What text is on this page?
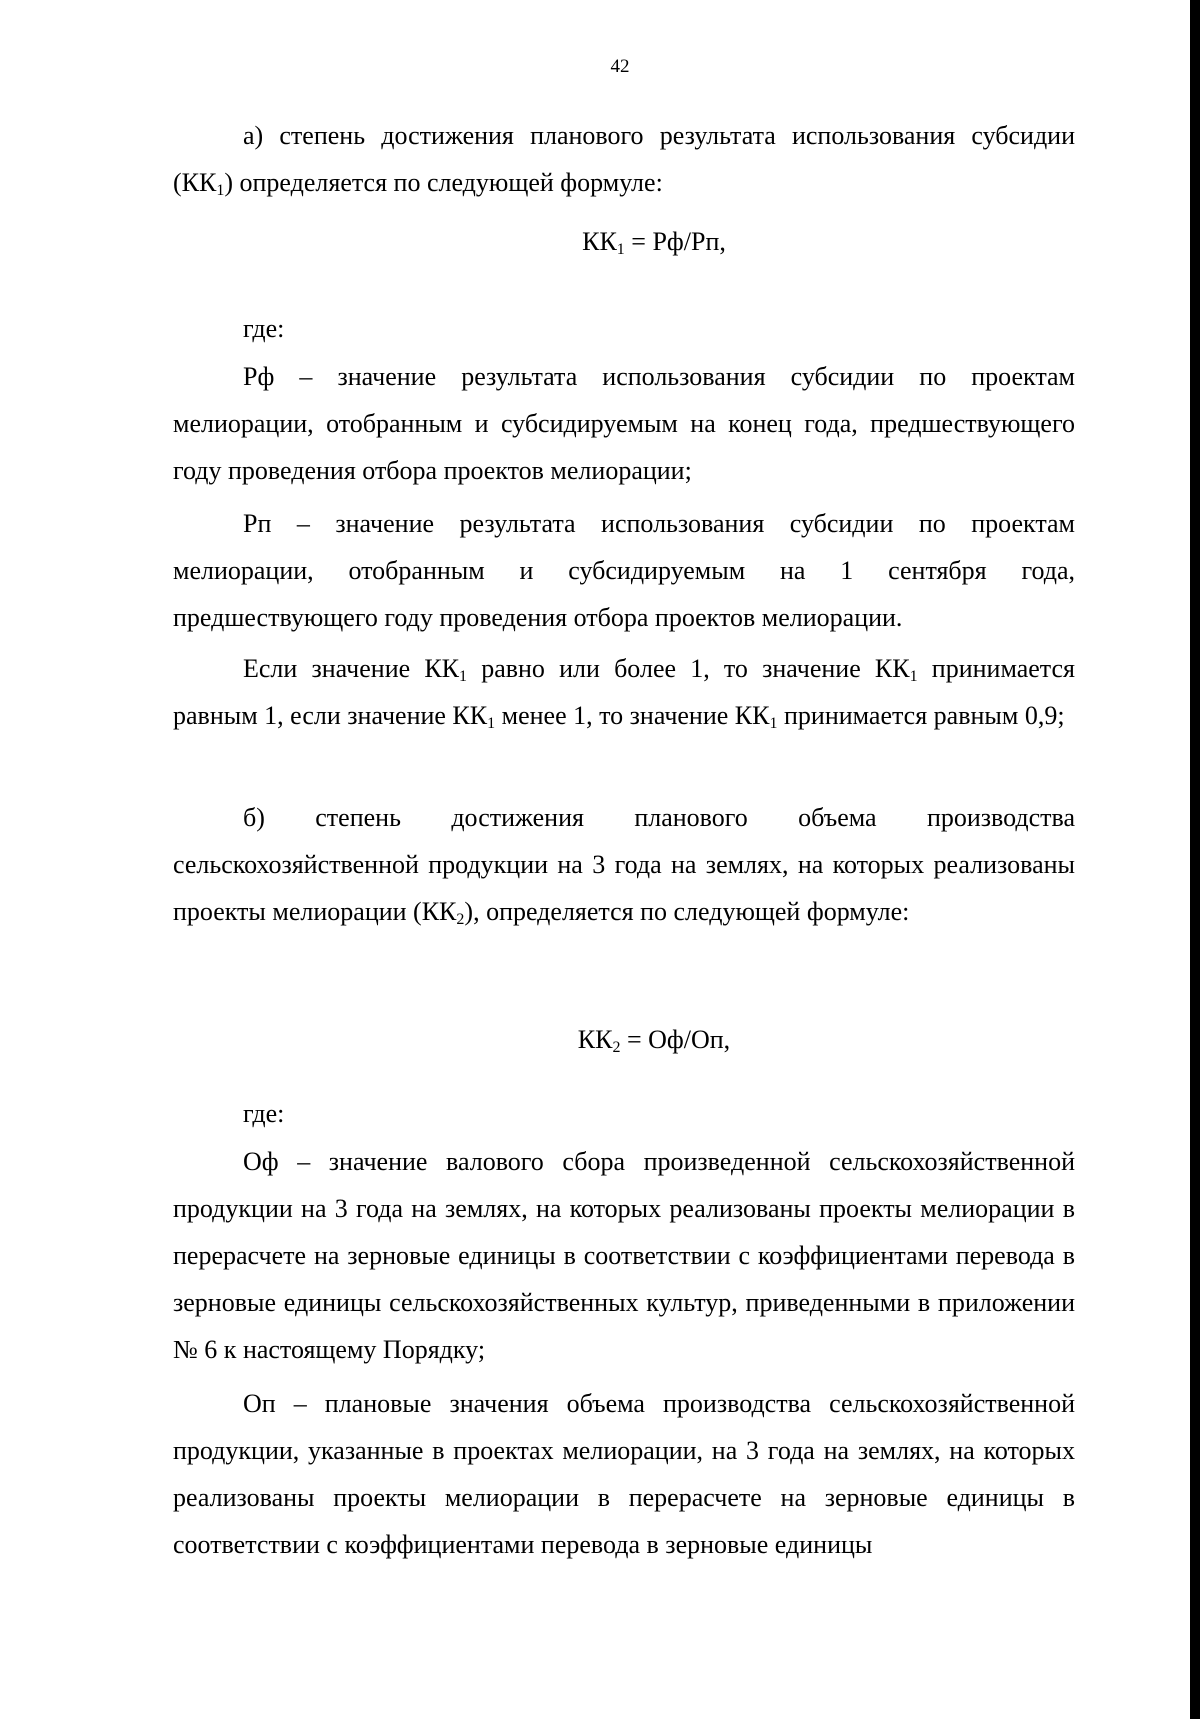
42

а) степень достижения планового результата использования субсидии $(КК_1)$ определяется по следующей формуле:

$КК_1 = Рф/Рп$,

где:

Рф – значение результата использования субсидии по проектам мелиорации, отобранным и субсидируемым на конец года, предшествующего году проведения отбора проектов мелиорации;

Рп – значение результата использования субсидии по проектам мелиорации, отобранным и субсидируемым на 1 сентября года, предшествующего году проведения отбора проектов мелиорации.

Если значение $КК_1$ равно или более 1, то значение $КК_1$ принимается равным 1, если значение $КК_1$ менее 1, то значение $КК_1$ принимается равным 0,9;

б) степень достижения планового объема производства сельскохозяйственной продукции на 3 года на землях, на которых реализованы проекты мелиорации $(КК_2)$, определяется по следующей формуле:

$КК_2 = Оф/Оп$,

где:

Оф – значение валового сбора произведенной сельскохозяйственной продукции на 3 года на землях, на которых реализованы проекты мелиорации в перерасчете на зерновые единицы в соответствии с коэффициентами перевода в зерновые единицы сельскохозяйственных культур, приведенными в приложении № 6 к настоящему Порядку;

Оп – плановые значения объема производства сельскохозяйственной продукции, указанные в проектах мелиорации, на 3 года на землях, на которых реализованы проекты мелиорации в перерасчете на зерновые единицы в соответствии с коэффициентами перевода в зерновые единицы
